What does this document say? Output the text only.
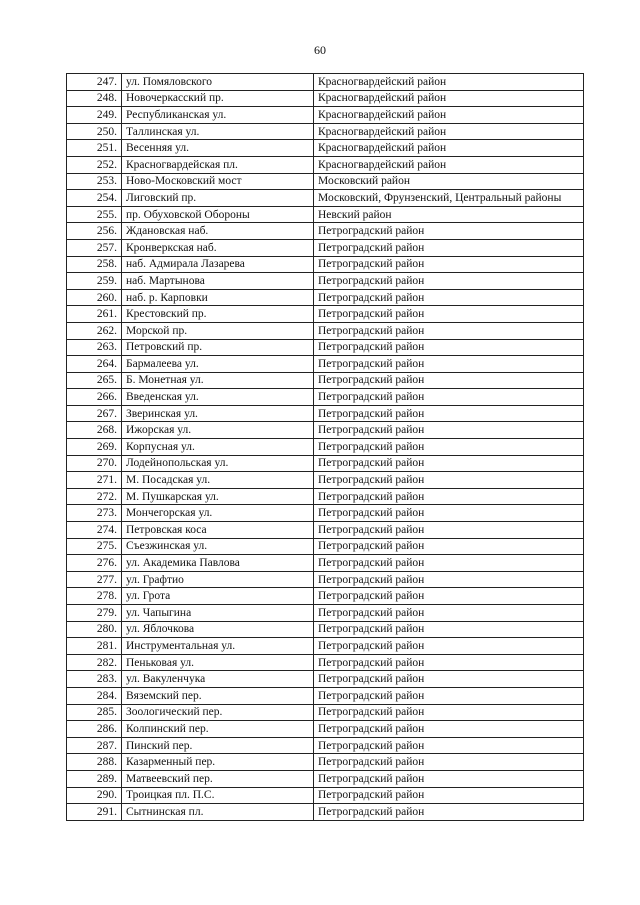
60
247.	ул. Помяловского	Красногвардейский район
248.	Новочеркасский пр.	Красногвардейский район
249.	Республиканская ул.	Красногвардейский район
250.	Таллинская ул.	Красногвардейский район
251.	Весенняя ул.	Красногвардейский район
252.	Красногвардейская пл.	Красногвардейский район
253.	Ново-Московский мост	Московский район
254.	Лиговский пр.	Московский, Фрунзенский, Центральный районы
255.	пр. Обуховской Обороны	Невский район
256.	Ждановская наб.	Петроградский район
257.	Кронверкская наб.	Петроградский район
258.	наб. Адмирала Лазарева	Петроградский район
259.	наб. Мартынова	Петроградский район
260.	наб. р. Карповки	Петроградский район
261.	Крестовский пр.	Петроградский район
262.	Морской пр.	Петроградский район
263.	Петровский пр.	Петроградский район
264.	Бармалеева ул.	Петроградский район
265.	Б. Монетная ул.	Петроградский район
266.	Введенская ул.	Петроградский район
267.	Зверинская ул.	Петроградский район
268.	Ижорская ул.	Петроградский район
269.	Корпусная ул.	Петроградский район
270.	Лодейнопольская ул.	Петроградский район
271.	М. Посадская ул.	Петроградский район
272.	М. Пушкарская ул.	Петроградский район
273.	Мончегорская ул.	Петроградский район
274.	Петровская коса	Петроградский район
275.	Съезжинская ул.	Петроградский район
276.	ул. Академика Павлова	Петроградский район
277.	ул. Графтио	Петроградский район
278.	ул. Грота	Петроградский район
279.	ул. Чапыгина	Петроградский район
280.	ул. Яблочкова	Петроградский район
281.	Инструментальная ул.	Петроградский район
282.	Пеньковая ул.	Петроградский район
283.	ул. Вакуленчука	Петроградский район
284.	Вяземский пер.	Петроградский район
285.	Зоологический пер.	Петроградский район
286.	Колпинский пер.	Петроградский район
287.	Пинский пер.	Петроградский район
288.	Казарменный пер.	Петроградский район
289.	Матвеевский пер.	Петроградский район
290.	Троицкая пл. П.С.	Петроградский район
291.	Сытнинская пл.	Петроградский район
